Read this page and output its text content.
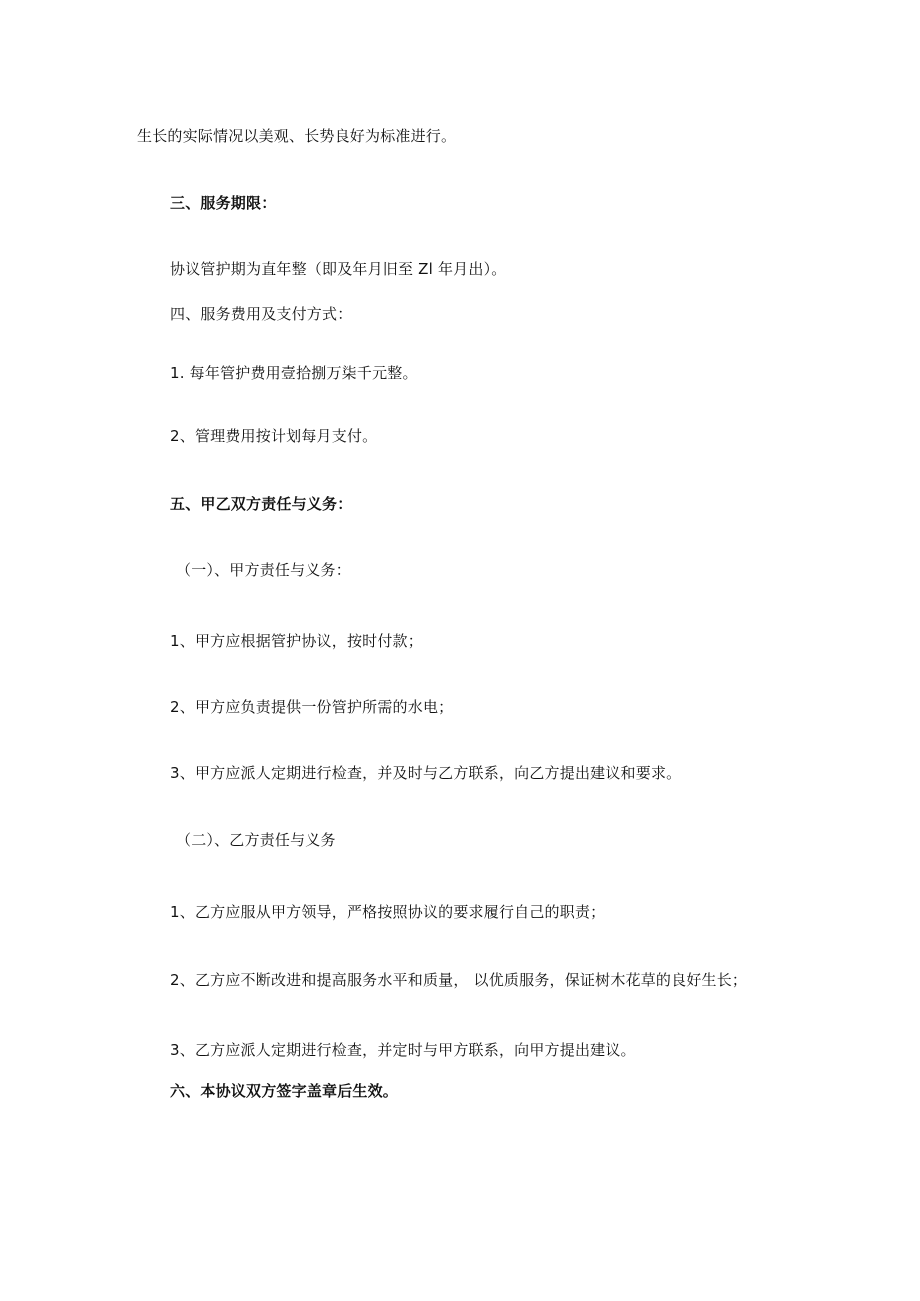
生长的实际情况以美观、长势良好为标准进行。
三、服务期限：
协议管护期为直年整（即及年月旧至 Zl 年月出）。
四、服务费用及支付方式：
1. 每年管护费用壹拾捌万柒千元整。
2、管理费用按计划每月支付。
五、甲乙双方责任与义务：
（一）、甲方责任与义务：
1、甲方应根据管护协议，按时付款；
2、甲方应负责提供一份管护所需的水电；
3、甲方应派人定期进行检查，并及时与乙方联系，向乙方提出建议和要求。
（二）、乙方责任与义务
1、乙方应服从甲方领导，严格按照协议的要求履行自己的职责；
2、乙方应不断改进和提高服务水平和质量， 以优质服务，保证树木花草的良好生长；
3、乙方应派人定期进行检查，并定时与甲方联系，向甲方提出建议。
六、本协议双方签字盖章后生效。
